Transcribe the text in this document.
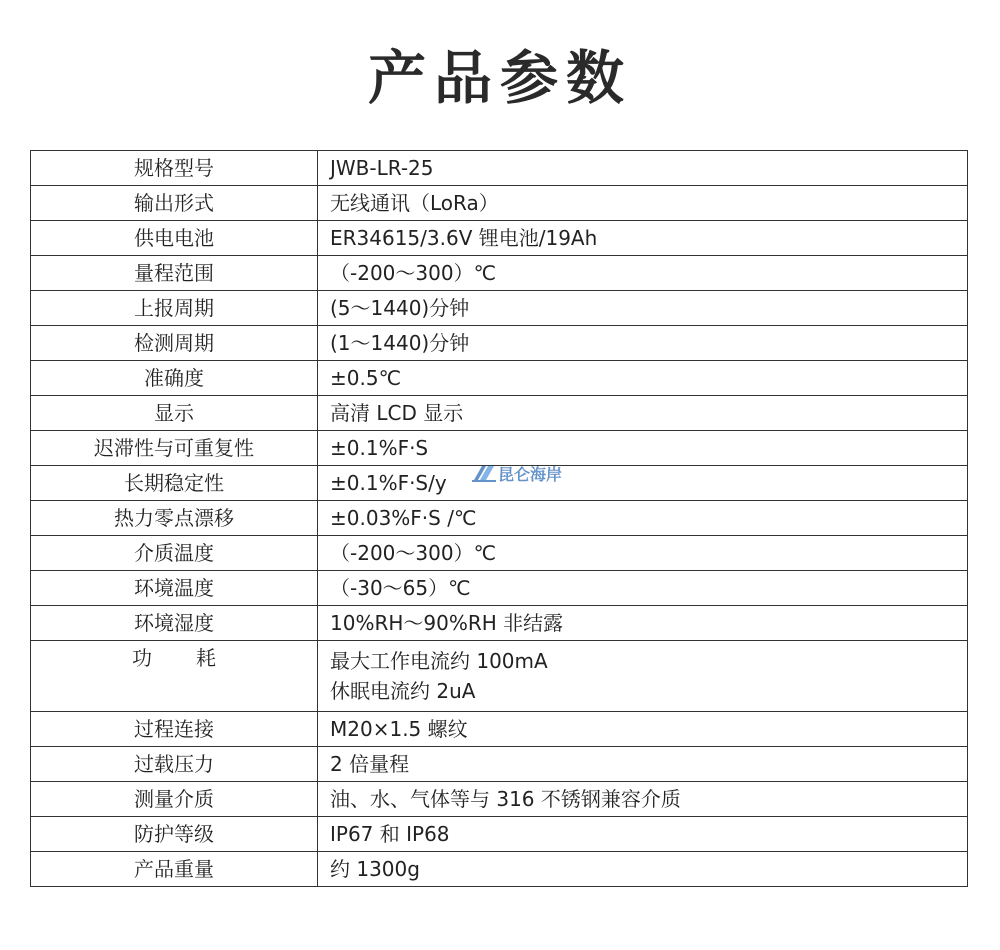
产品参数
规格型号	JWB-LR-25

输出形式	无线通讯（LoRa）

供电电池	ER34615/3.6V 锂电池/19Ah

量程范围	（-200～300）℃

上报周期	(5～1440)分钟

检测周期	(1～1440)分钟

准确度	±0.5℃

显示	高清 LCD 显示

迟滞性与可重复性	±0.1%F·S

长期稳定性	±0.1%F·S/y

热力零点漂移	±0.03%F·S /℃

介质温度	（-200～300）℃

环境温度	（-30～65）℃

环境湿度	10%RH～90%RH 非结露

功耗	最大工作电流约 100mA
休眠电流约 2uA

过程连接	M20×1.5 螺纹

过载压力	2 倍量程

测量介质	油、水、气体等与 316 不锈钢兼容介质

防护等级	IP67 和 IP68

产品重量	约 1300g
昆仑海岸
